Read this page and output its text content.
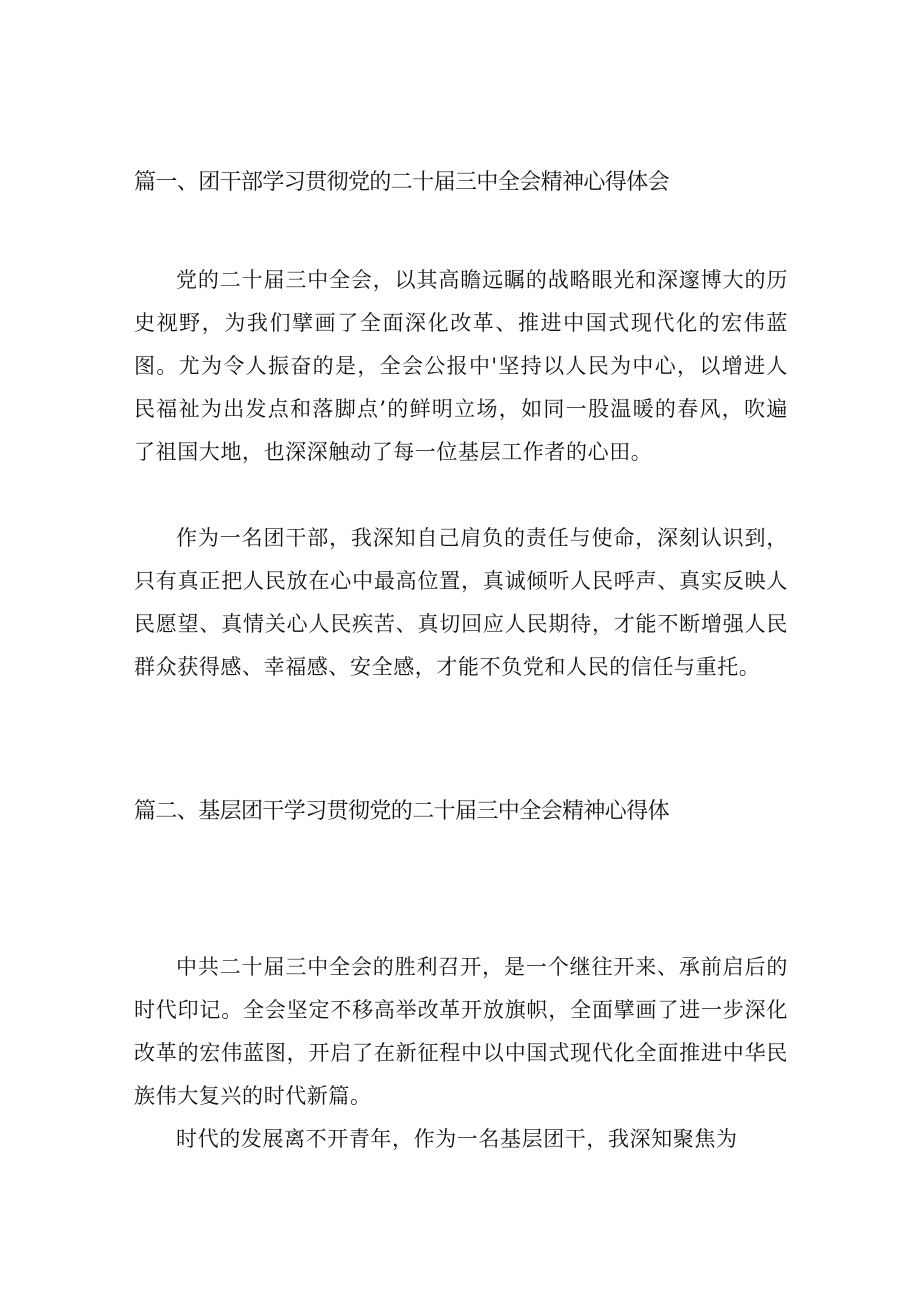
篇一、团干部学习贯彻党的二十届三中全会精神心得体会

党的二十届三中全会，以其高瞻远瞩的战略眼光和深邃博大的历史视野，为我们擘画了全面深化改革、推进中国式现代化的宏伟蓝图。尤为令人振奋的是，全会公报中'坚持以人民为中心，以增进人民福祉为出发点和落脚点’的鲜明立场，如同一股温暖的春风，吹遍了祖国大地，也深深触动了每一位基层工作者的心田。

作为一名团干部，我深知自己肩负的责任与使命，深刻认识到，只有真正把人民放在心中最高位置，真诚倾听人民呼声、真实反映人民愿望、真情关心人民疾苦、真切回应人民期待，才能不断增强人民群众获得感、幸福感、安全感，才能不负党和人民的信任与重托。

篇二、基层团干学习贯彻党的二十届三中全会精神心得体

中共二十届三中全会的胜利召开，是一个继往开来、承前启后的时代印记。全会坚定不移高举改革开放旗帜，全面擘画了进一步深化改革的宏伟蓝图，开启了在新征程中以中国式现代化全面推进中华民族伟大复兴的时代新篇。

时代的发展离不开青年，作为一名基层团干，我深知聚焦为
